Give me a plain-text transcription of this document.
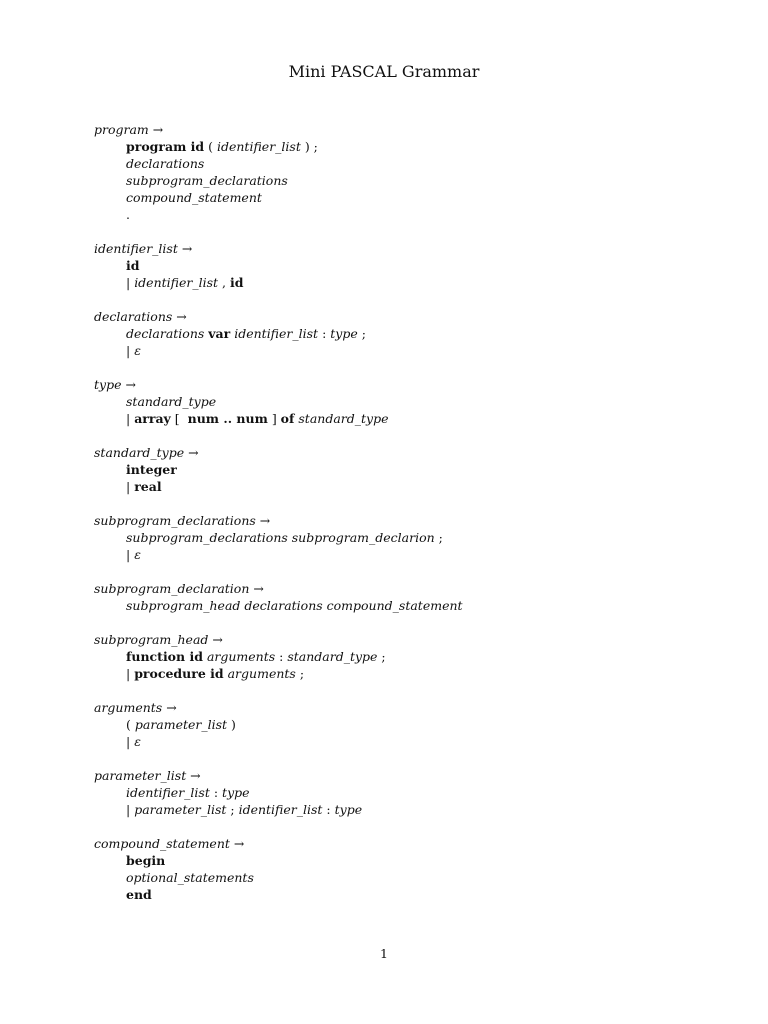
Mini PASCAL Grammar
program →
program id ( identifier_list ) ;
declarations
subprogram_declarations
compound_statement
.
identifier_list →
id
| identifier_list , id
declarations →
declarations var identifier_list : type ;
| ε
type →
standard_type
| array [  num .. num ] of standard_type
standard_type →
integer
| real
subprogram_declarations →
subprogram_declarations subprogram_declarion ;
| ε
subprogram_declaration →
subprogram_head declarations compound_statement
subprogram_head →
function id arguments : standard_type ;
| procedure id arguments ;
arguments →
( parameter_list )
| ε
parameter_list →
identifier_list : type
| parameter_list ; identifier_list : type
compound_statement →
begin
optional_statements
end
1
